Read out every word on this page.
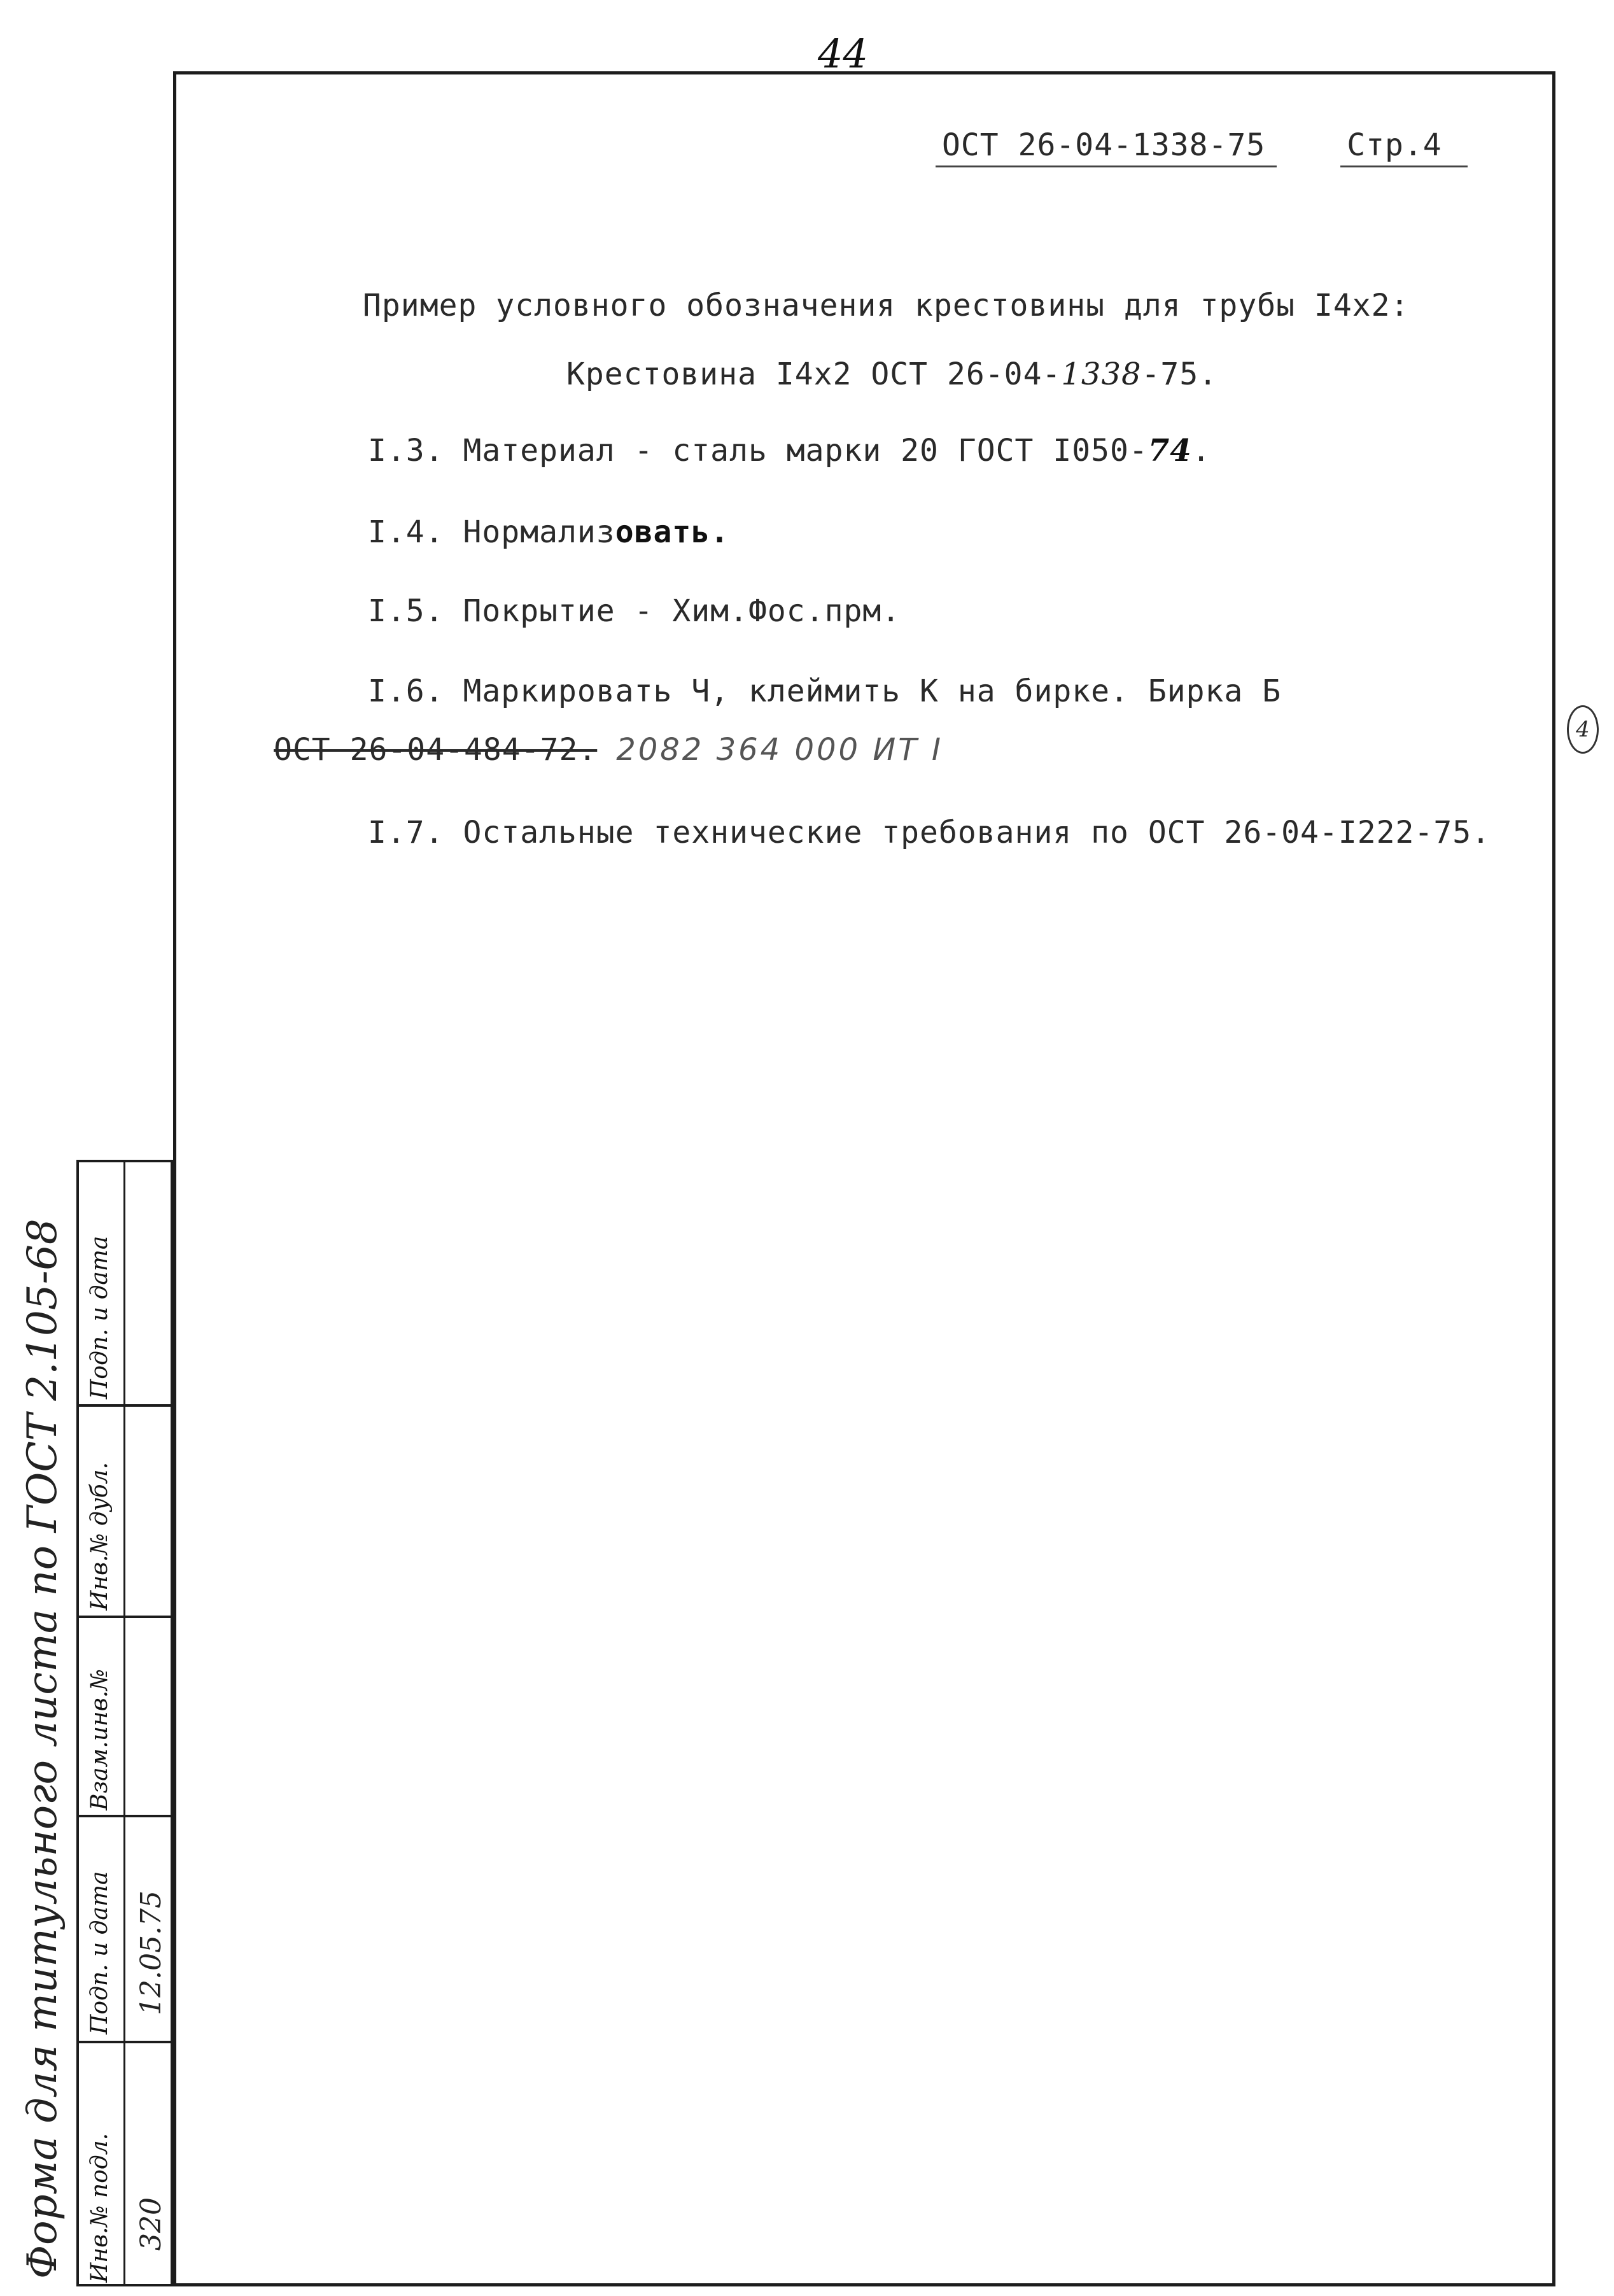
44
ОСТ 26-04-1338-75	Стр.4
Пример условного обозначения крестовины для трубы I4x2:
Крестовина I4x2 ОСТ 26-04-1338-75.
I.3. Материал - сталь марки 20 ГОСТ I050-74.
I.4. Нормализовать.
I.5. Покрытие - Хим.Фос.прм.
I.6. Маркировать Ч, клеймить К на бирке. Бирка Б
ОСТ 26-04-484-72. 2082 364 000 ИТ I
I.7. Остальные технические требования по ОСТ 26-04-I222-75.
4
Форма для титульного листа по ГОСТ 2.105-68 Инв.№ подл.
Подп. и дата
Взам.инв.№
Инв.№ дубл.
Подп. и дата
320
12.05.75
